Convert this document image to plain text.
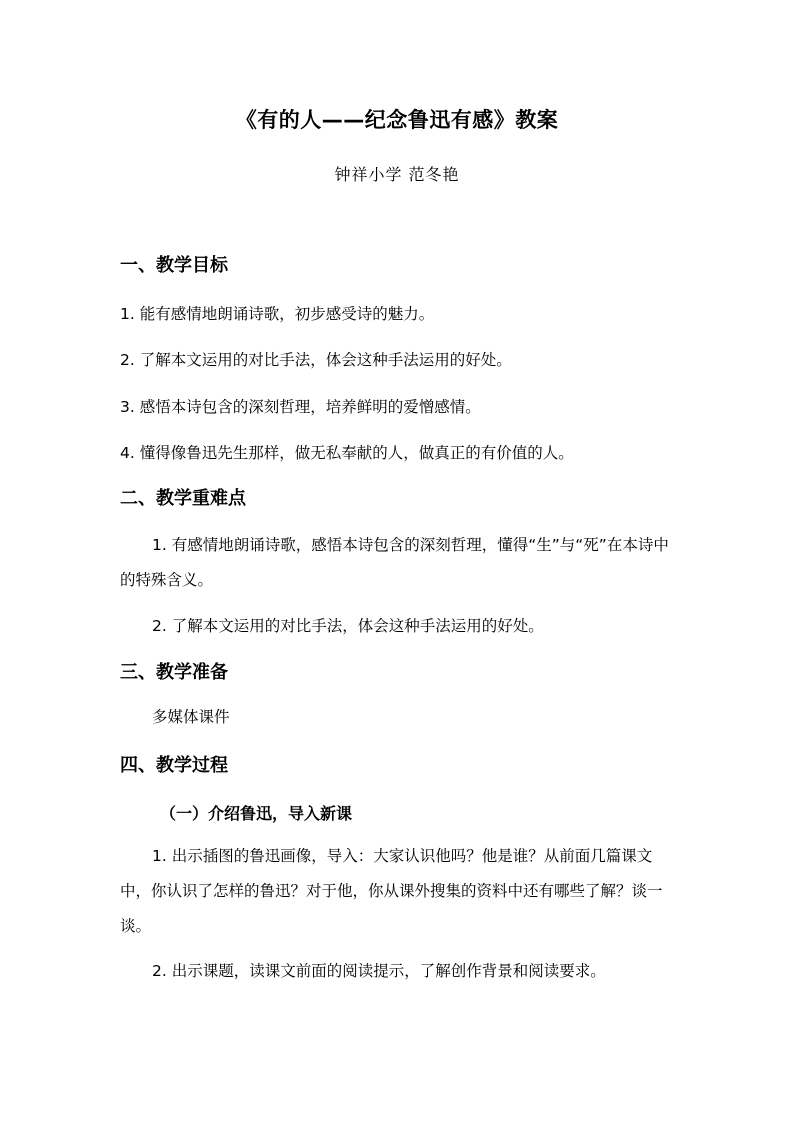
《有的人——纪念鲁迅有感》教案
钟祥小学 范冬艳
一、教学目标
1. 能有感情地朗诵诗歌，初步感受诗的魅力。
2. 了解本文运用的对比手法，体会这种手法运用的好处。
3. 感悟本诗包含的深刻哲理，培养鲜明的爱憎感情。
4. 懂得像鲁迅先生那样，做无私奉献的人，做真正的有价值的人。
二、教学重难点
1. 有感情地朗诵诗歌，感悟本诗包含的深刻哲理，懂得“生”与“死”在本诗中的特殊含义。
2. 了解本文运用的对比手法，体会这种手法运用的好处。
三、教学准备
多媒体课件
四、教学过程
（一）介绍鲁迅，导入新课
1. 出示插图的鲁迅画像，导入：大家认识他吗？他是谁？从前面几篇课文中，你认识了怎样的鲁迅？对于他，你从课外搜集的资料中还有哪些了解？谈一谈。
2. 出示课题，读课文前面的阅读提示，了解创作背景和阅读要求。
